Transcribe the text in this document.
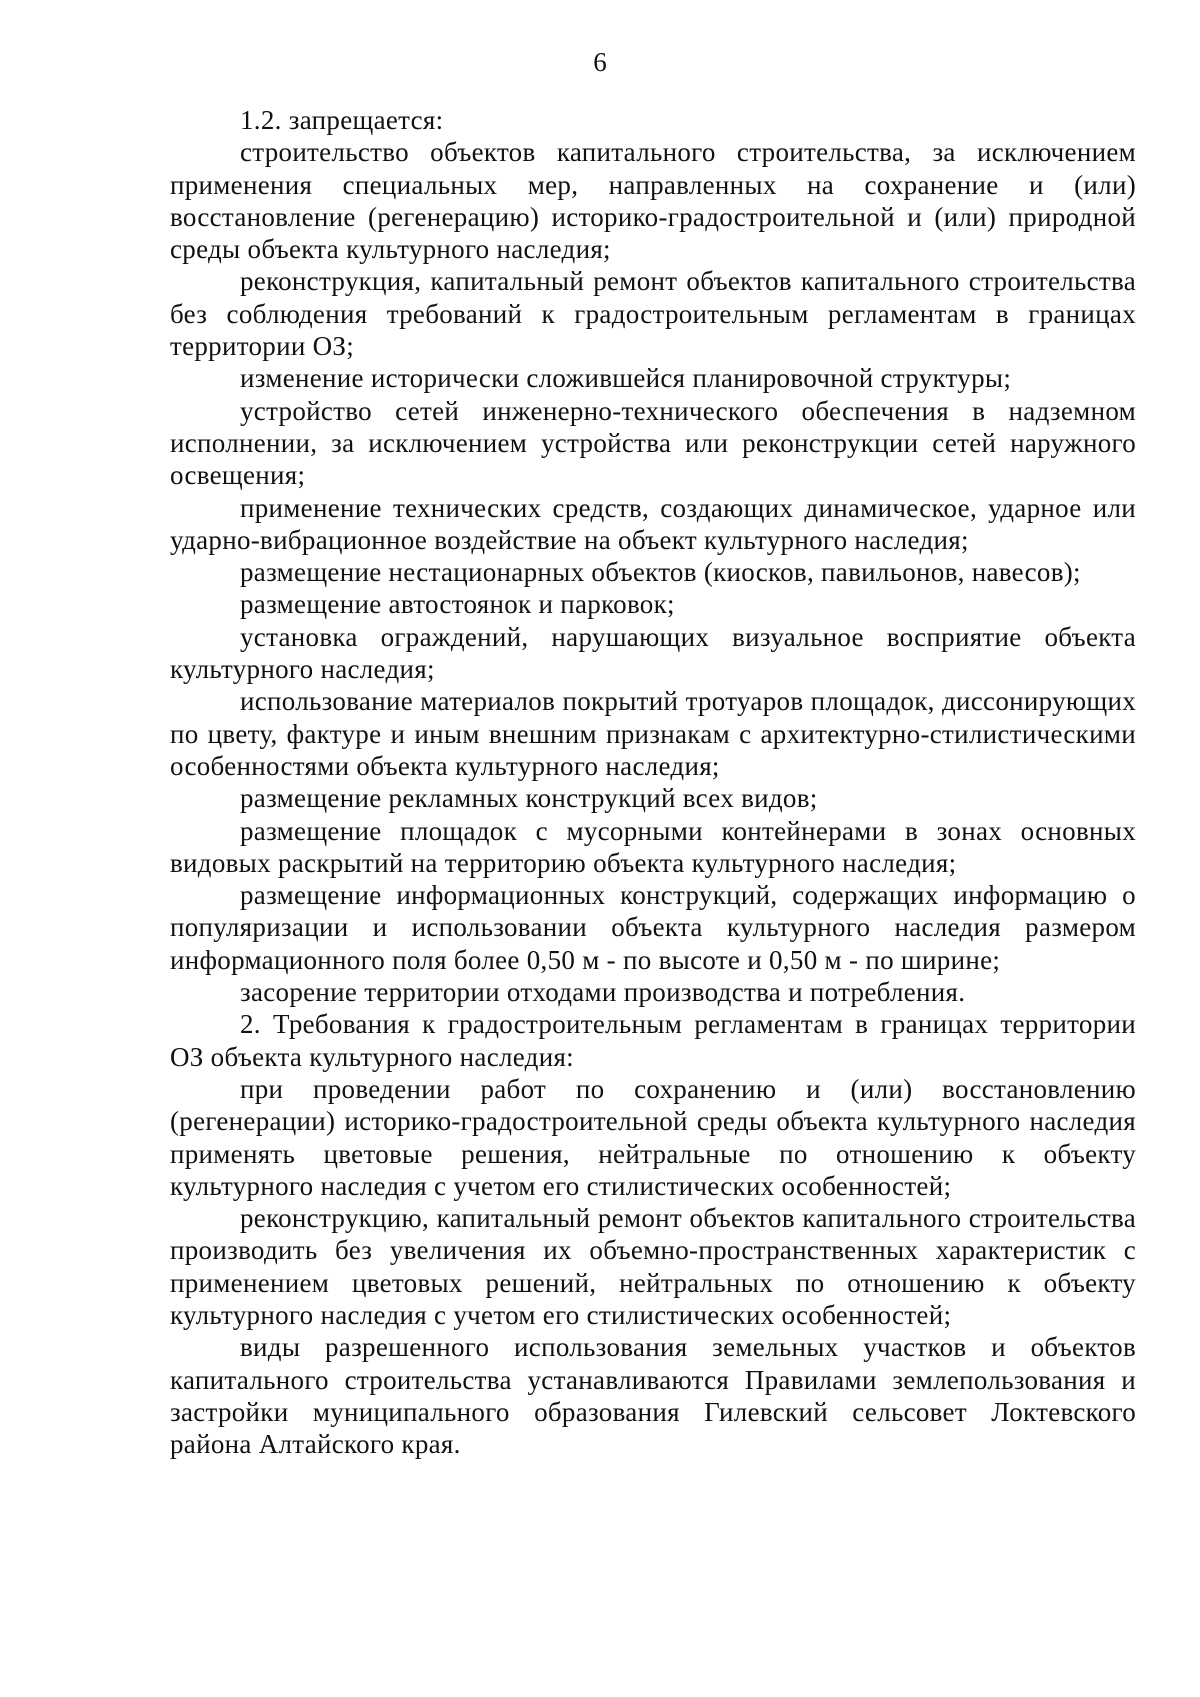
6

1.2. запрещается:

строительство объектов капитального строительства, за исключением применения специальных мер, направленных на сохранение и (или) восстановление (регенерацию) историко-градостроительной и (или) природной среды объекта культурного наследия;

реконструкция, капитальный ремонт объектов капитального строительства без соблюдения требований к градостроительным регламентам в границах территории ОЗ;

изменение исторически сложившейся планировочной структуры;

устройство сетей инженерно-технического обеспечения в надземном исполнении, за исключением устройства или реконструкции сетей наружного освещения;

применение технических средств, создающих динамическое, ударное или ударно-вибрационное воздействие на объект культурного наследия;

размещение нестационарных объектов (киосков, павильонов, навесов);

размещение автостоянок и парковок;

установка ограждений, нарушающих визуальное восприятие объекта культурного наследия;

использование материалов покрытий тротуаров площадок, диссонирующих по цвету, фактуре и иным внешним признакам с архитектурно-стилистическими особенностями объекта культурного наследия;

размещение рекламных конструкций всех видов;

размещение площадок с мусорными контейнерами в зонах основных видовых раскрытий на территорию объекта культурного наследия;

размещение информационных конструкций, содержащих информацию о популяризации и использовании объекта культурного наследия размером информационного поля более 0,50 м - по высоте и 0,50 м - по ширине;

засорение территории отходами производства и потребления.

2. Требования к градостроительным регламентам в границах территории ОЗ объекта культурного наследия:

при проведении работ по сохранению и (или) восстановлению (регенерации) историко-градостроительной среды объекта культурного наследия применять цветовые решения, нейтральные по отношению к объекту культурного наследия с учетом его стилистических особенностей;

реконструкцию, капитальный ремонт объектов капитального строительства производить без увеличения их объемно-пространственных характеристик с применением цветовых решений, нейтральных по отношению к объекту культурного наследия с учетом его стилистических особенностей;

виды разрешенного использования земельных участков и объектов капитального строительства устанавливаются Правилами землепользования и застройки муниципального образования Гилевский сельсовет Локтевского района Алтайского края.
